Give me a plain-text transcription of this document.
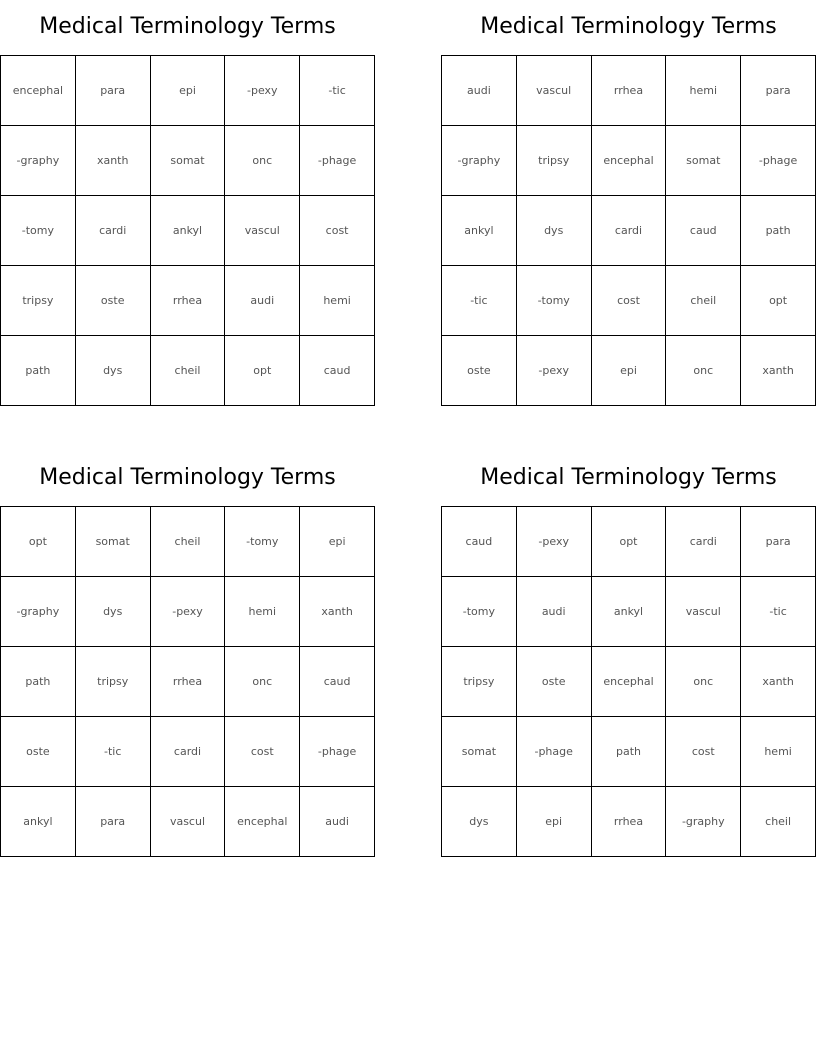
Medical Terminology Terms
encephal	para	epi	-pexy	-tic
-graphy	xanth	somat	onc	-phage
-tomy	cardi	ankyl	vascul	cost
tripsy	oste	rrhea	audi	hemi
path	dys	cheil	opt	caud
Medical Terminology Terms
audi	vascul	rrhea	hemi	para
-graphy	tripsy	encephal	somat	-phage
ankyl	dys	cardi	caud	path
-tic	-tomy	cost	cheil	opt
oste	-pexy	epi	onc	xanth
Medical Terminology Terms
opt	somat	cheil	-tomy	epi
-graphy	dys	-pexy	hemi	xanth
path	tripsy	rrhea	onc	caud
oste	-tic	cardi	cost	-phage
ankyl	para	vascul	encephal	audi
Medical Terminology Terms
caud	-pexy	opt	cardi	para
-tomy	audi	ankyl	vascul	-tic
tripsy	oste	encephal	onc	xanth
somat	-phage	path	cost	hemi
dys	epi	rrhea	-graphy	cheil
